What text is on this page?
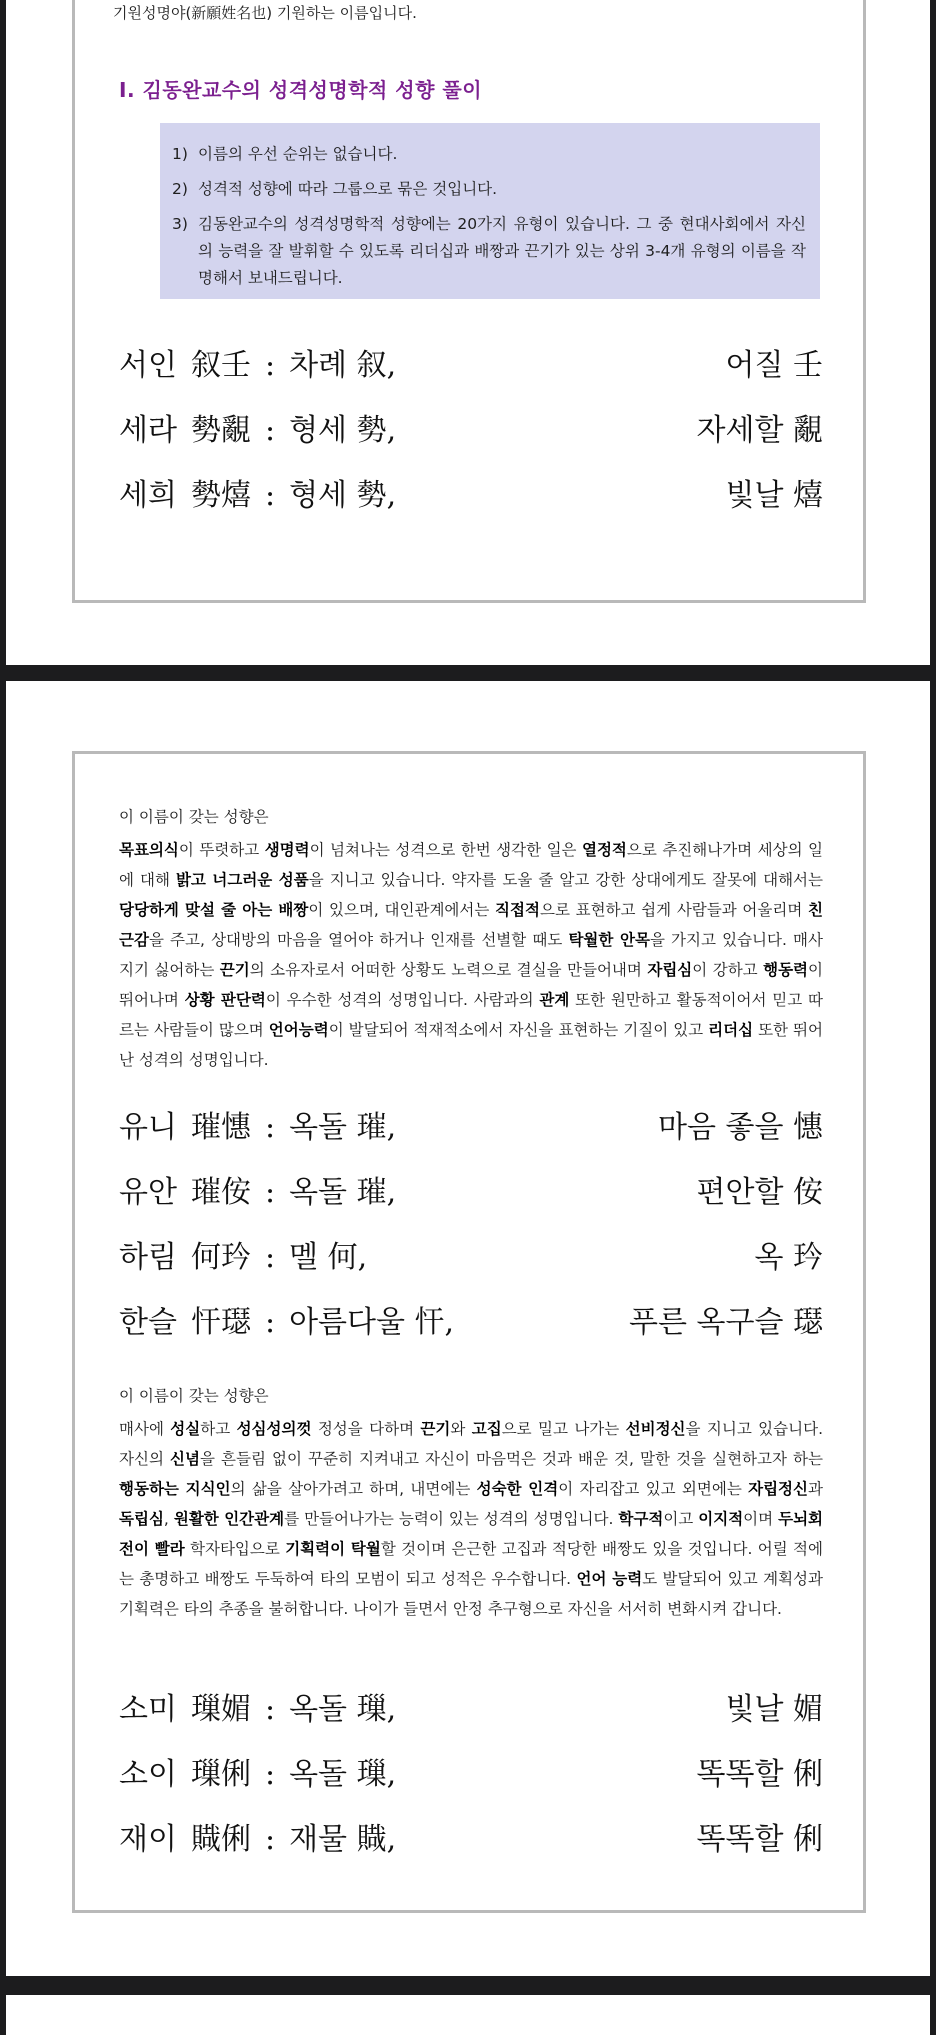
기원성명야(新願姓名也) 기원하는 이름입니다.
Ⅰ. 김동완교수의 성격성명학적 성향 풀이
1) 이름의 우선 순위는 없습니다.
2) 성격적 성향에 따라 그룹으로 묶은 것입니다.
3) 김동완교수의 성격성명학적 성향에는 20가지 유형이 있습니다. 그 중 현대사회에서 자신의 능력을 잘 발휘할 수 있도록 리더십과 배짱과 끈기가 있는 상위 3-4개 유형의 이름을 작명해서 보내드립니다.
서인 叙壬 : 차례 叙,	어질 壬
세라 勢覶 : 형세 勢,	자세할 覶
세희 勢熺 : 형세 勢,	빛날 熺
이 이름이 갖는 성향은

목표의식이 뚜렷하고 생명력이 넘쳐나는 성격으로 한번 생각한 일은 열정적으로 추진해나가며 세상의 일에 대해 밝고 너그러운 성품을 지니고 있습니다. 약자를 도울 줄 알고 강한 상대에게도 잘못에 대해서는 당당하게 맞설 줄 아는 배짱이 있으며, 대인관계에서는 직접적으로 표현하고 쉽게 사람들과 어울리며 친근감을 주고, 상대방의 마음을 열어야 하거나 인재를 선별할 때도 탁월한 안목을 가지고 있습니다. 매사 지기 싫어하는 끈기의 소유자로서 어떠한 상황도 노력으로 결실을 만들어내며 자립심이 강하고 행동력이 뛰어나며 상황 판단력이 우수한 성격의 성명입니다. 사람과의 관계 또한 원만하고 활동적이어서 믿고 따르는 사람들이 많으며 언어능력이 발달되어 적재적소에서 자신을 표현하는 기질이 있고 리더십 또한 뛰어난 성격의 성명입니다.

유니 璀憓 : 옥돌 璀,	마음 좋을 憓
유안 璀侒 : 옥돌 璀,	편안할 侒
하림 何玪 : 멜 何,	옥 玪
한슬 忓璱 : 아름다울 忓,	푸른 옥구슬 璱
이 이름이 갖는 성향은

매사에 성실하고 성심성의껏 정성을 다하며 끈기와 고집으로 밀고 나가는 선비정신을 지니고 있습니다. 자신의 신념을 흔들림 없이 꾸준히 지켜내고 자신이 마음먹은 것과 배운 것, 말한 것을 실현하고자 하는 행동하는 지식인의 삶을 살아가려고 하며, 내면에는 성숙한 인격이 자리잡고 있고 외면에는 자립정신과 독립심, 원활한 인간관계를 만들어나가는 능력이 있는 성격의 성명입니다. 학구적이고 이지적이며 두뇌회전이 빨라 학자타입으로 기획력이 탁월할 것이며 은근한 고집과 적당한 배짱도 있을 것입니다. 어릴 적에는 총명하고 배짱도 두둑하여 타의 모범이 되고 성적은 우수합니다. 언어 능력도 발달되어 있고 계획성과 기획력은 타의 추종을 불허합니다. 나이가 들면서 안정 추구형으로 자신을 서서히 변화시켜 갑니다.

소미 璅媚 : 옥돌 璅,	빛날 媚
소이 璅俐 : 옥돌 璅,	똑똑할 俐
재이 賳俐 : 재물 賳,	똑똑할 俐
